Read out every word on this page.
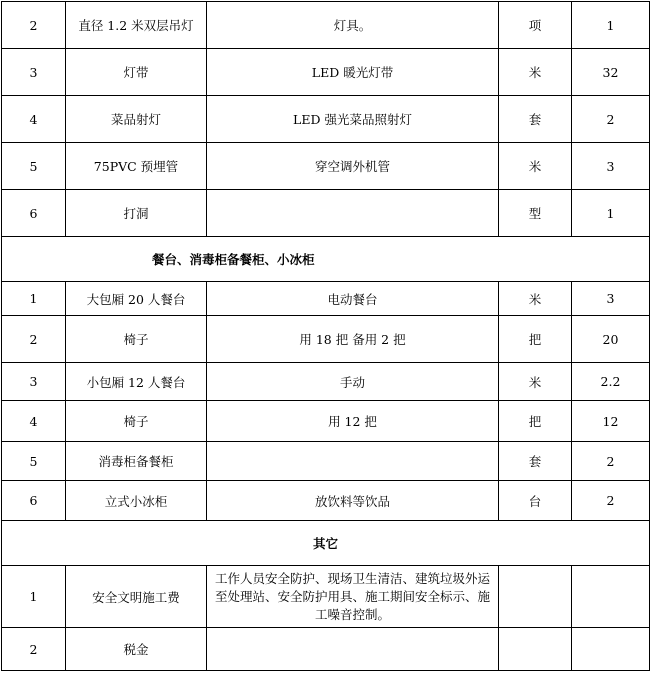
2	直径 1.2 米双层吊灯	灯具。	项	1
3	灯带	LED 暖光灯带	米	32
4	菜品射灯	LED 强光菜品照射灯	套	2
5	75PVC 预埋管	穿空调外机管	米	3
6	打洞		型	1
餐台、消毒柜备餐柜、小冰柜				
1	大包厢 20 人餐台	电动餐台	米	3
2	椅子	用 18 把 备用 2 把	把	20
3	小包厢 12 人餐台	手动	米	2.2
4	椅子	用 12 把	把	12
5	消毒柜备餐柜		套	2
6	立式小冰柜	放饮料等饮品	台	2
其它				
1	安全文明施工费	工作人员安全防护、现场卫生清洁、建筑垃圾外运至处理站、安全防护用具、施工期间安全标示、施工噪音控制。		
2	税金			
